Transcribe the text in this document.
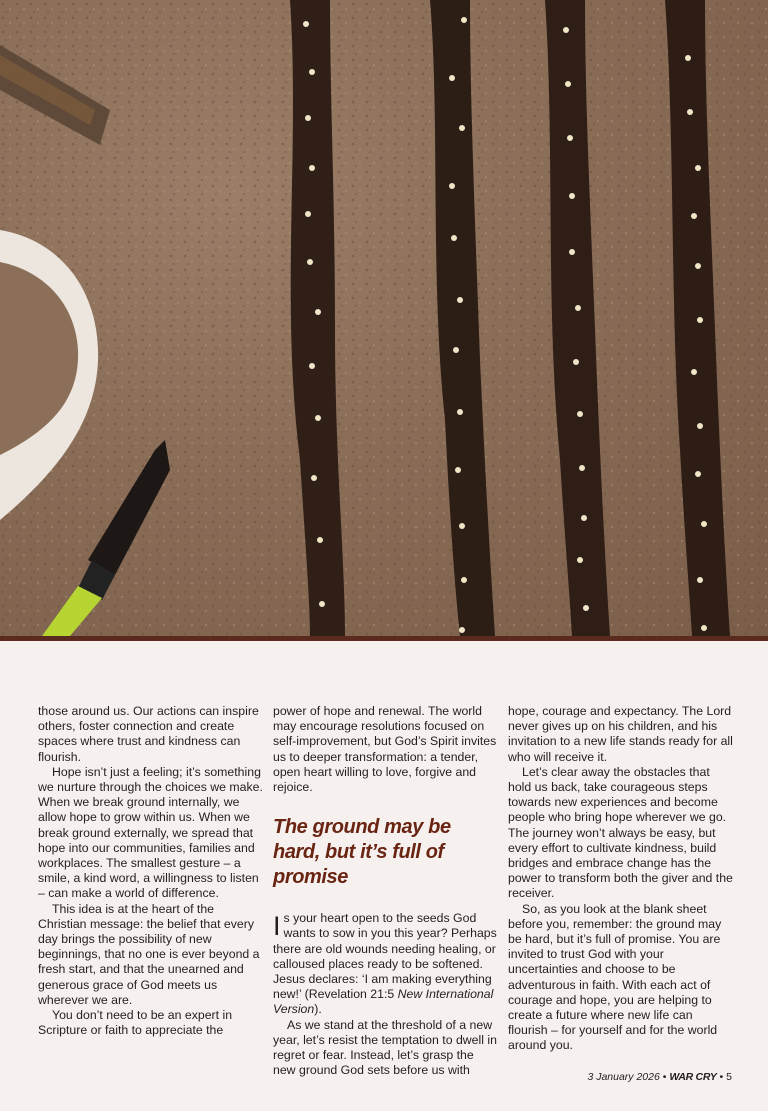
those around us. Our actions can inspire others, foster connection and create spaces where trust and kindness can flourish.

Hope isn’t just a feeling; it’s something we nurture through the choices we make. When we break ground internally, we allow hope to grow within us. When we break ground externally, we spread that hope into our communities, families and workplaces. The smallest gesture – a smile, a kind word, a willingness to listen – can make a world of difference.

This idea is at the heart of the Christian message: the belief that every day brings the possibility of new beginnings, that no one is ever beyond a fresh start, and that the unearned and generous grace of God meets us wherever we are.

You don’t need to be an expert in Scripture or faith to appreciate the

power of hope and renewal. The world may encourage resolutions focused on self-improvement, but God’s Spirit invites us to deeper transformation: a tender, open heart willing to love, forgive and rejoice.

The ground may be hard, but it’s full of promise

Is your heart open to the seeds God wants to sow in you this year? Perhaps there are old wounds needing healing, or calloused places ready to be softened. Jesus declares: ‘I am making everything new!’ (Revelation 21:5 New International Version).

As we stand at the threshold of a new year, let’s resist the temptation to dwell in regret or fear. Instead, let’s grasp the new ground God sets before us with

hope, courage and expectancy. The Lord never gives up on his children, and his invitation to a new life stands ready for all who will receive it.

Let’s clear away the obstacles that hold us back, take courageous steps towards new experiences and become people who bring hope wherever we go. The journey won’t always be easy, but every effort to cultivate kindness, build bridges and embrace change has the power to transform both the giver and the receiver.

So, as you look at the blank sheet before you, remember: the ground may be hard, but it’s full of promise. You are invited to trust God with your uncertainties and choose to be adventurous in faith. With each act of courage and hope, you are helping to create a future where new life can flourish – for yourself and for the world around you.

3 January 2026 • WAR CRY • 5
